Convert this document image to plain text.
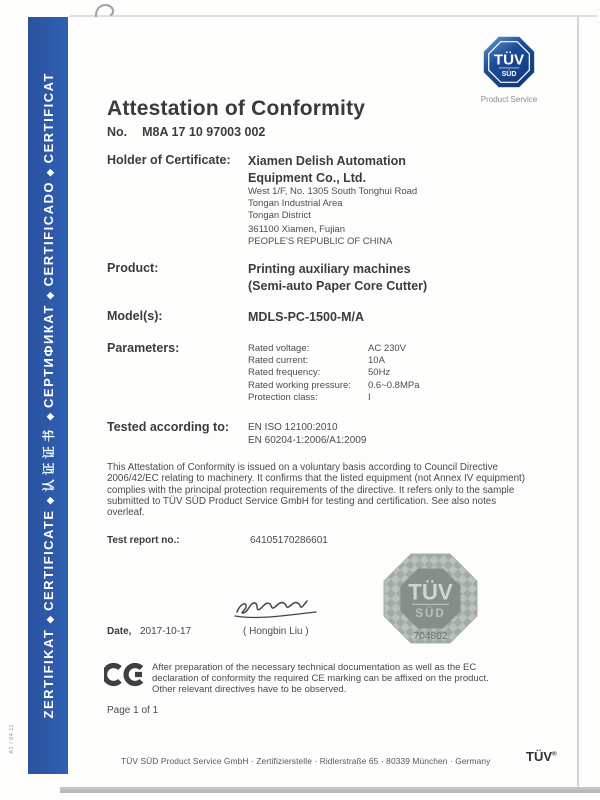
ZERTIFIKAT◆CERTIFICATE◆认证证书◆СЕРТИФИКАТ◆CERTIFICADO◆CERTIFICAT
A1 / 04.11
TÜV
SÜD
Product Service
Attestation of Conformity
No. M8A 17 10 97003 002
Holder of Certificate: Xiamen Delish Automation
Equipment Co., Ltd.
West 1/F, No. 1305 South Tonghui Road
Tongan Industrial Area
Tongan District
361100 Xiamen, Fujian
PEOPLE'S REPUBLIC OF CHINA
Product:	Printing auxiliary machines
(Semi-auto Paper Core Cutter)
Model(s):	MDLS-PC-1500-M/A
Parameters:	Rated voltage:	AC 230V
Rated current:	10A
Rated frequency:	50Hz
Rated working pressure:	0.6~0.8MPa
Protection class:	I
Tested according to: EN ISO 12100:2010
EN 60204-1:2006/A1:2009
This Attestation of Conformity is issued on a voluntary basis according to Council Directive
2006/42/EC relating to machinery. It confirms that the listed equipment (not Annex IV equipment)
complies with the principal protection requirements of the directive. It refers only to the sample
submitted to TÜV SÜD Product Service GmbH for testing and certification. See also notes
overleaf.
Test report no.:	64105170286601
( Hongbin Liu )
Date, 2017-10-17
TÜV
SÜD
704802
After preparation of the necessary technical documentation as well as the EC
declaration of conformity the required CE marking can be affixed on the product.
Other relevant directives have to be observed.
Page 1 of 1
TÜV SÜD Product Service GmbH · Zertifizierstelle · Ridlerstraße 65 · 80339 München · Germany	TÜV®
